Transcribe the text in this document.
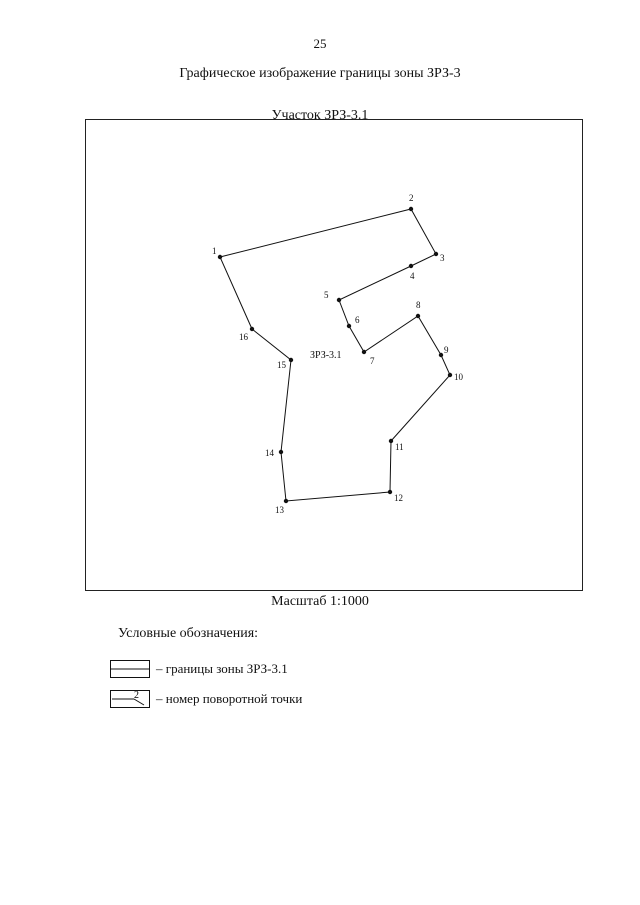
25
Графическое изображение границы зоны ЗРЗ-3
Участок ЗРЗ-3.1
1
2
3
16
15
14
13
12
11
10
9
8
7
6
5
4
ЗРЗ-3.1
Масштаб 1:1000
Условные обозначения:
– границы зоны ЗРЗ-3.1
2 – номер поворотной точки
